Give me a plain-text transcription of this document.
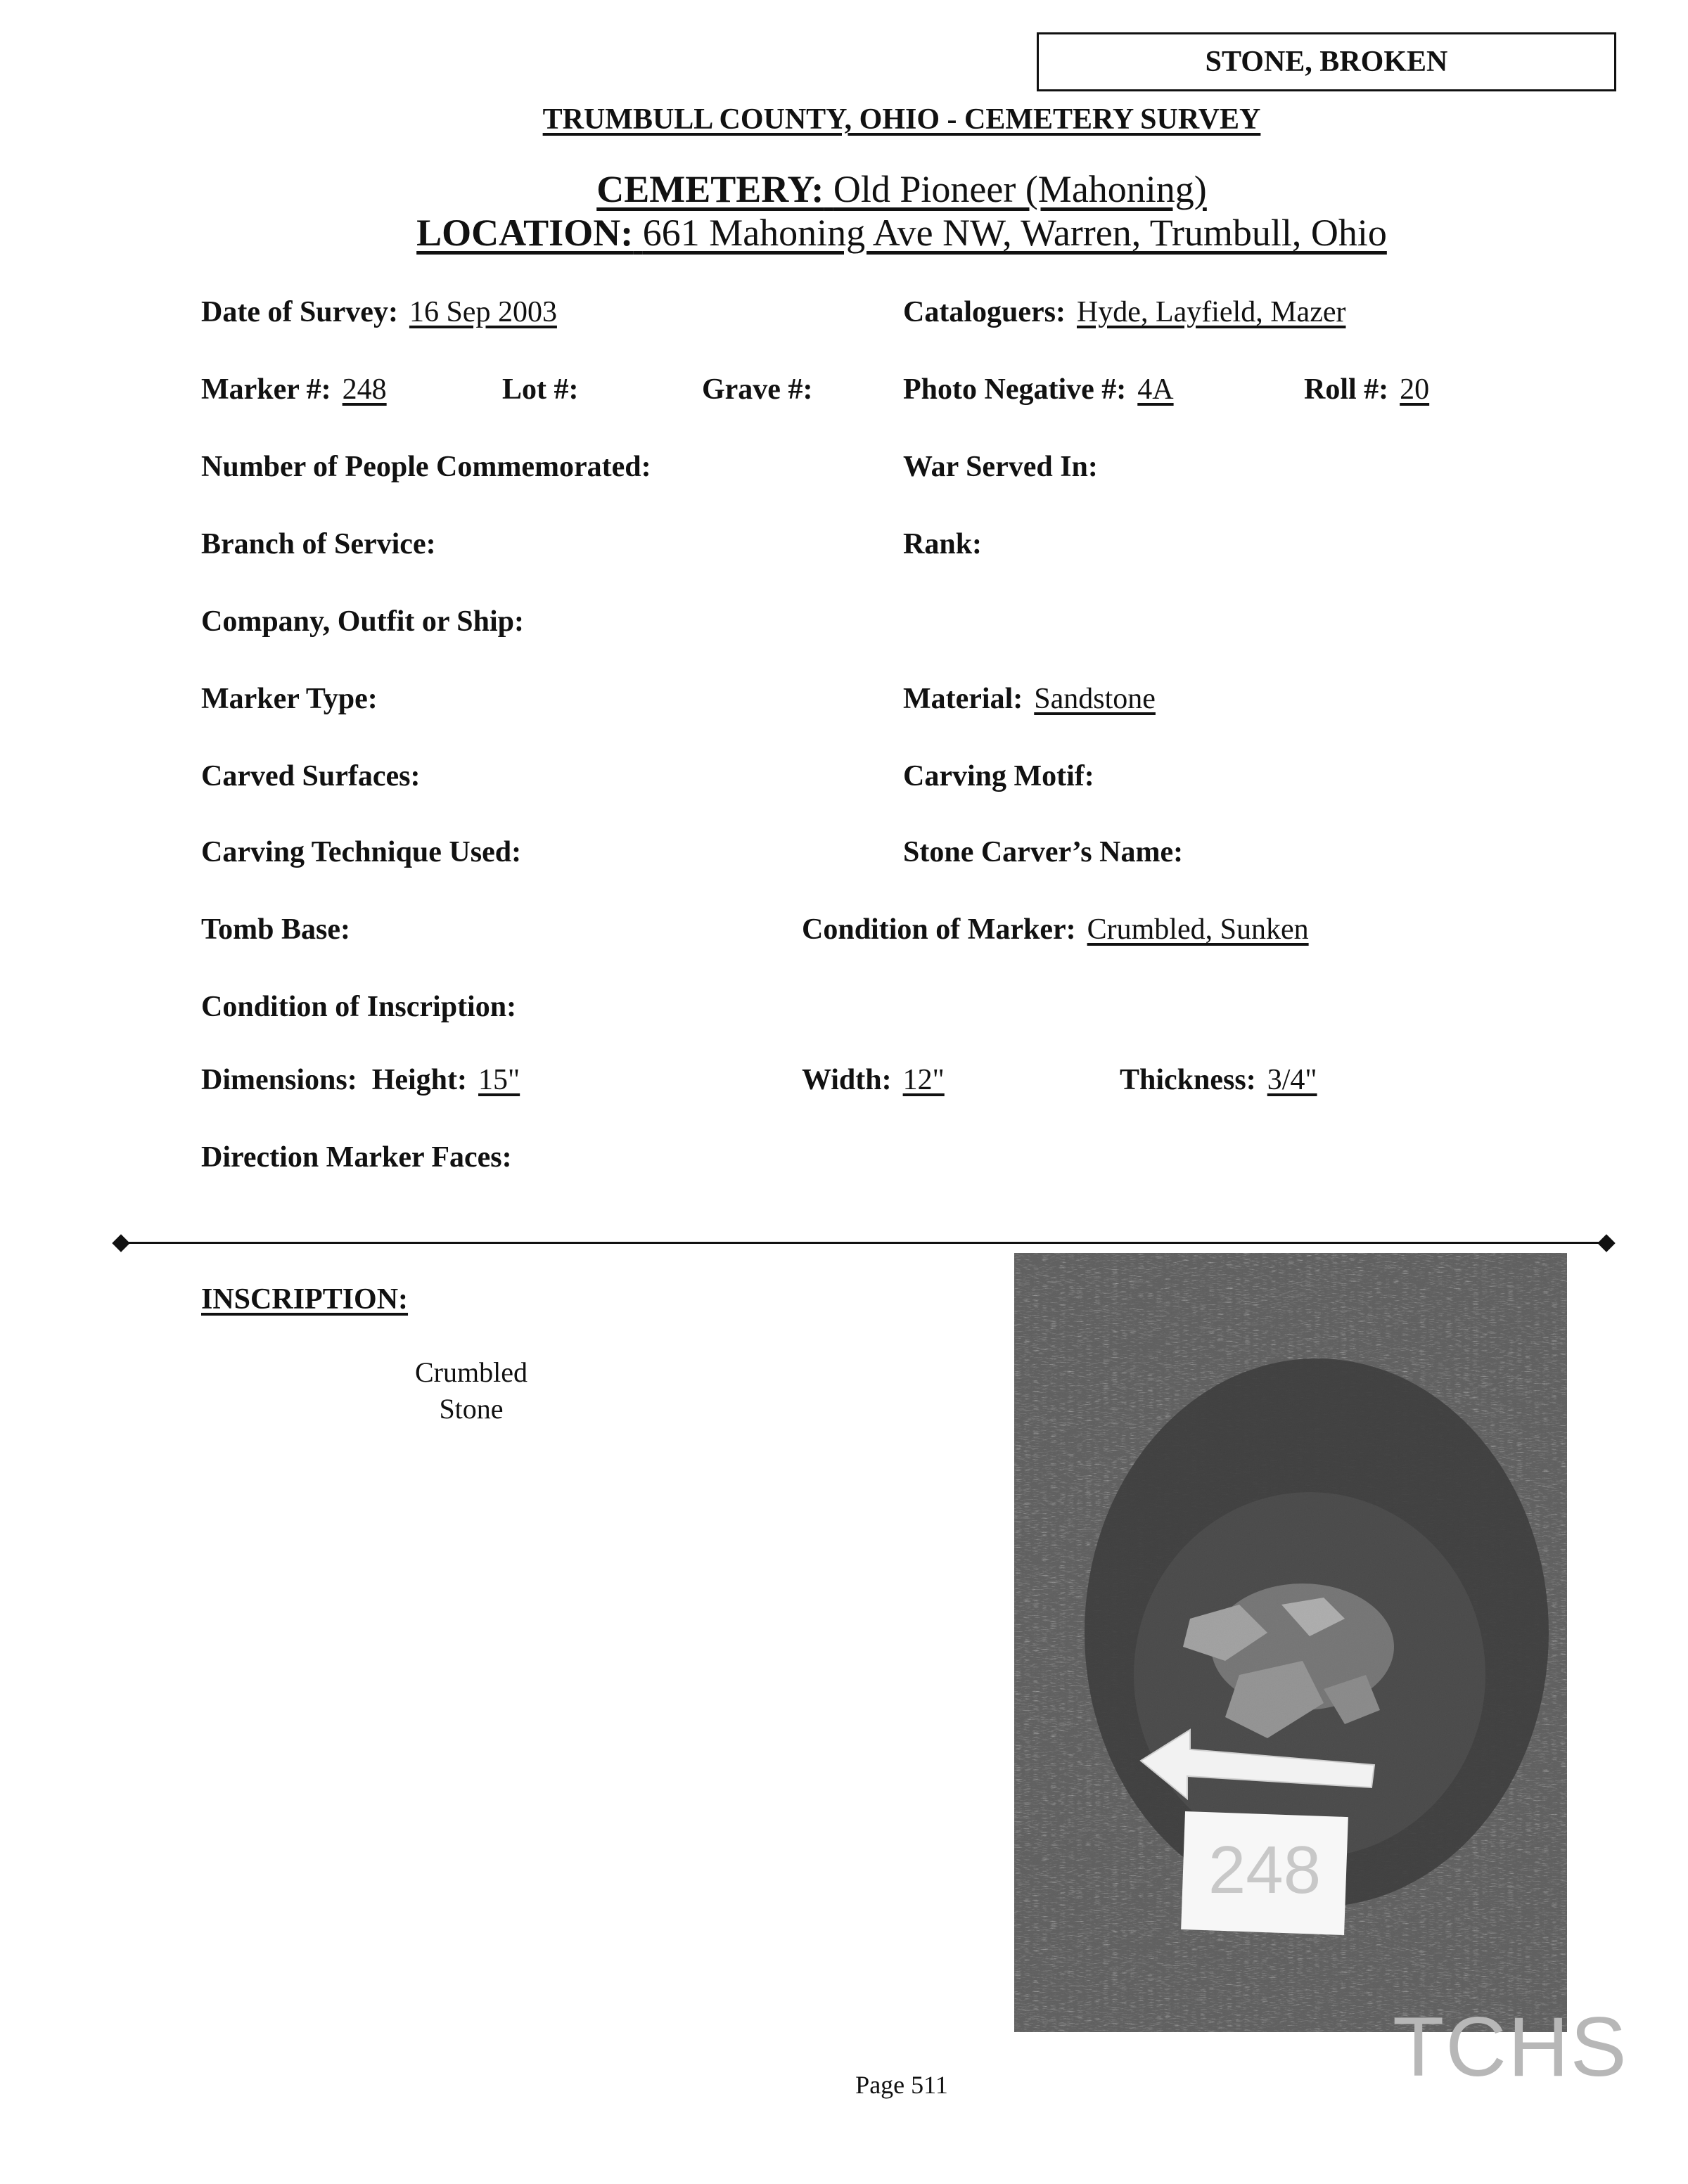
STONE, BROKEN
TRUMBULL COUNTY, OHIO - CEMETERY SURVEY
CEMETERY: Old Pioneer (Mahoning)
LOCATION: 661 Mahoning Ave NW, Warren, Trumbull, Ohio
Date of Survey: 16 Sep 2003	Cataloguers: Hyde, Layfield, Mazer
Marker #: 248	Lot #:	Grave #:	Photo Negative #: 4A	Roll #: 20
Number of People Commemorated:	War Served In:
Branch of Service:	Rank:
Company, Outfit or Ship:
Marker Type:	Material: Sandstone
Carved Surfaces:	Carving Motif:
Carving Technique Used:	Stone Carver’s Name:
Tomb Base:	Condition of Marker: Crumbled, Sunken
Condition of Inscription:
Dimensions: Height: 15"	Width: 12"	Thickness: 3/4"
Direction Marker Faces:
INSCRIPTION:
Crumbled
Stone
248
TCHS
Page 511
